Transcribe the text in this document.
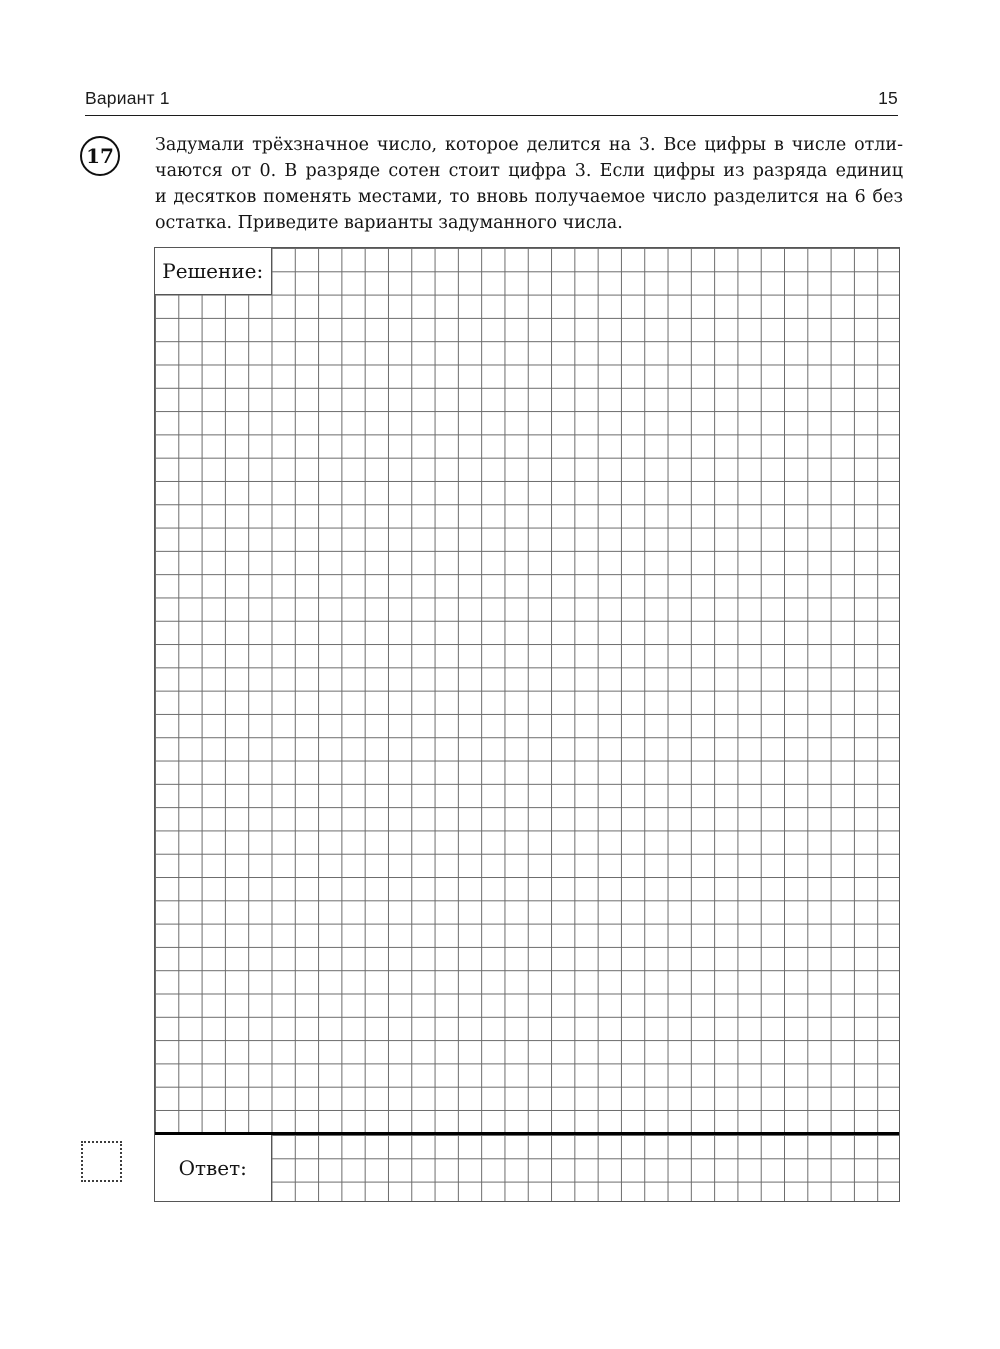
Вариант 1	15
17 Задумали трёхзначное число, которое делится на 3. Все цифры в числе отли-
чаются от 0. В разряде сотен стоит цифра 3. Если цифры из разряда единиц
и десятков поменять местами, то вновь получаемое число разделится на 6 без
остатка. Приведите варианты задуманного числа.
Решение:
Ответ:
